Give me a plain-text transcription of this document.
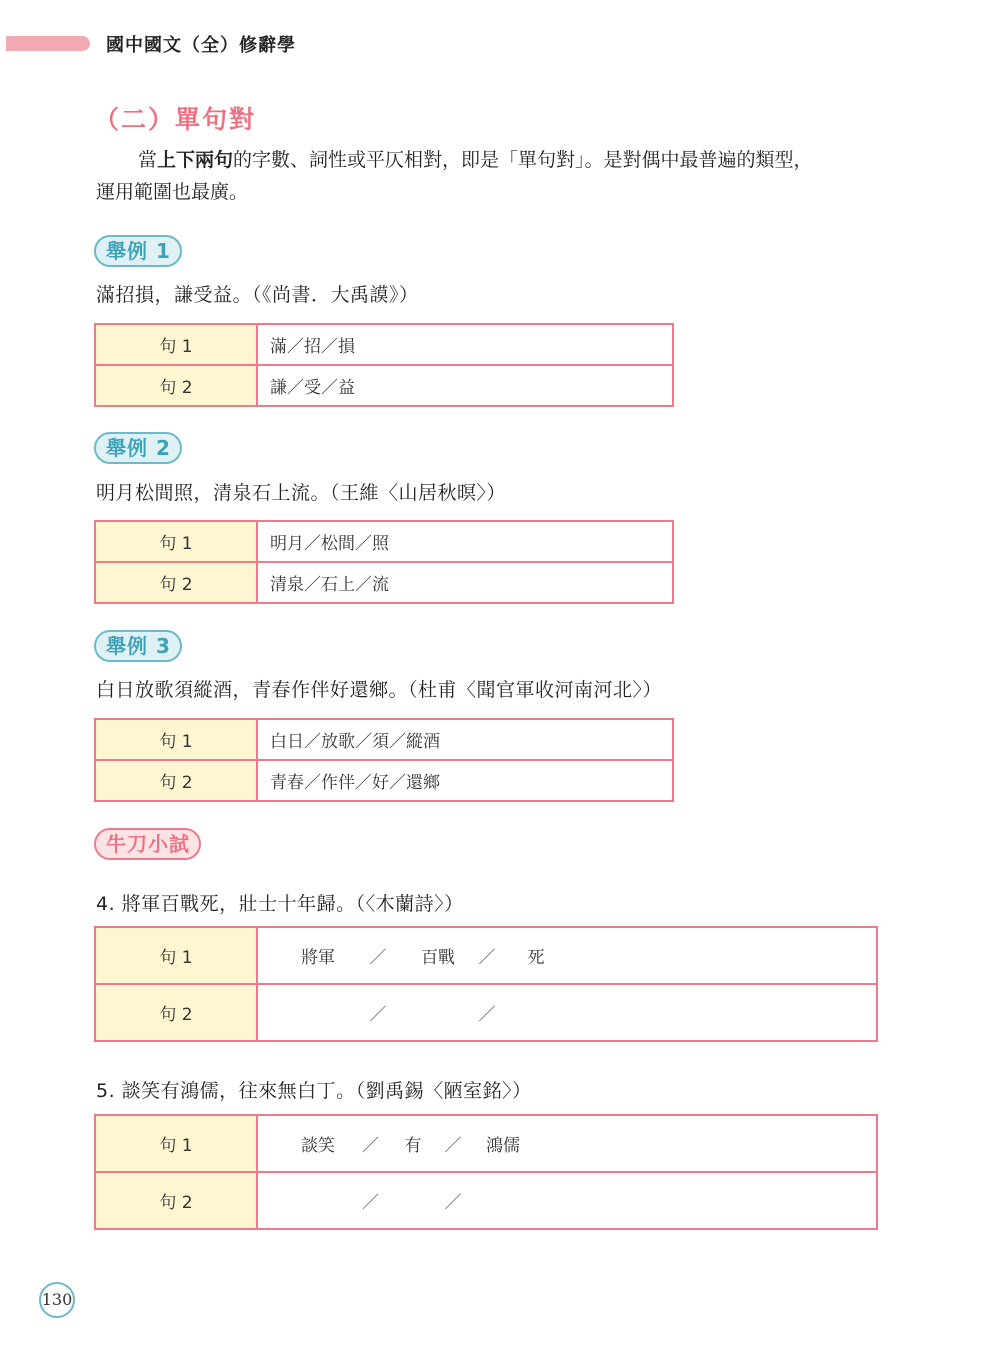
國中國文（全）修辭學
（二）單句對
當上下兩句的字數、詞性或平仄相對，即是「單句對」。是對偶中最普遍的類型，
運用範圍也最廣。
舉例 1
滿招損，謙受益。（《尚書．大禹謨》）
句 1	滿／招／損
句 2	謙／受／益
舉例 2
明月松間照，清泉石上流。（王維〈山居秋暝〉）
句 1	明月／松間／照
句 2	清泉／石上／流
舉例 3
白日放歌須縱酒，青春作伴好還鄉。（杜甫〈聞官軍收河南河北〉）
句 1	白日／放歌／須／縱酒
句 2	青春／作伴／好／還鄉
牛刀小試
4. 將軍百戰死，壯士十年歸。（〈木蘭詩〉）
句 1	將軍 ／ 百戰 ／ 死

句 2	／ ／
5. 談笑有鴻儒，往來無白丁。（劉禹錫〈陋室銘〉）
句 1	談笑 ／ 有 ／ 鴻儒

句 2	／ ／
130
